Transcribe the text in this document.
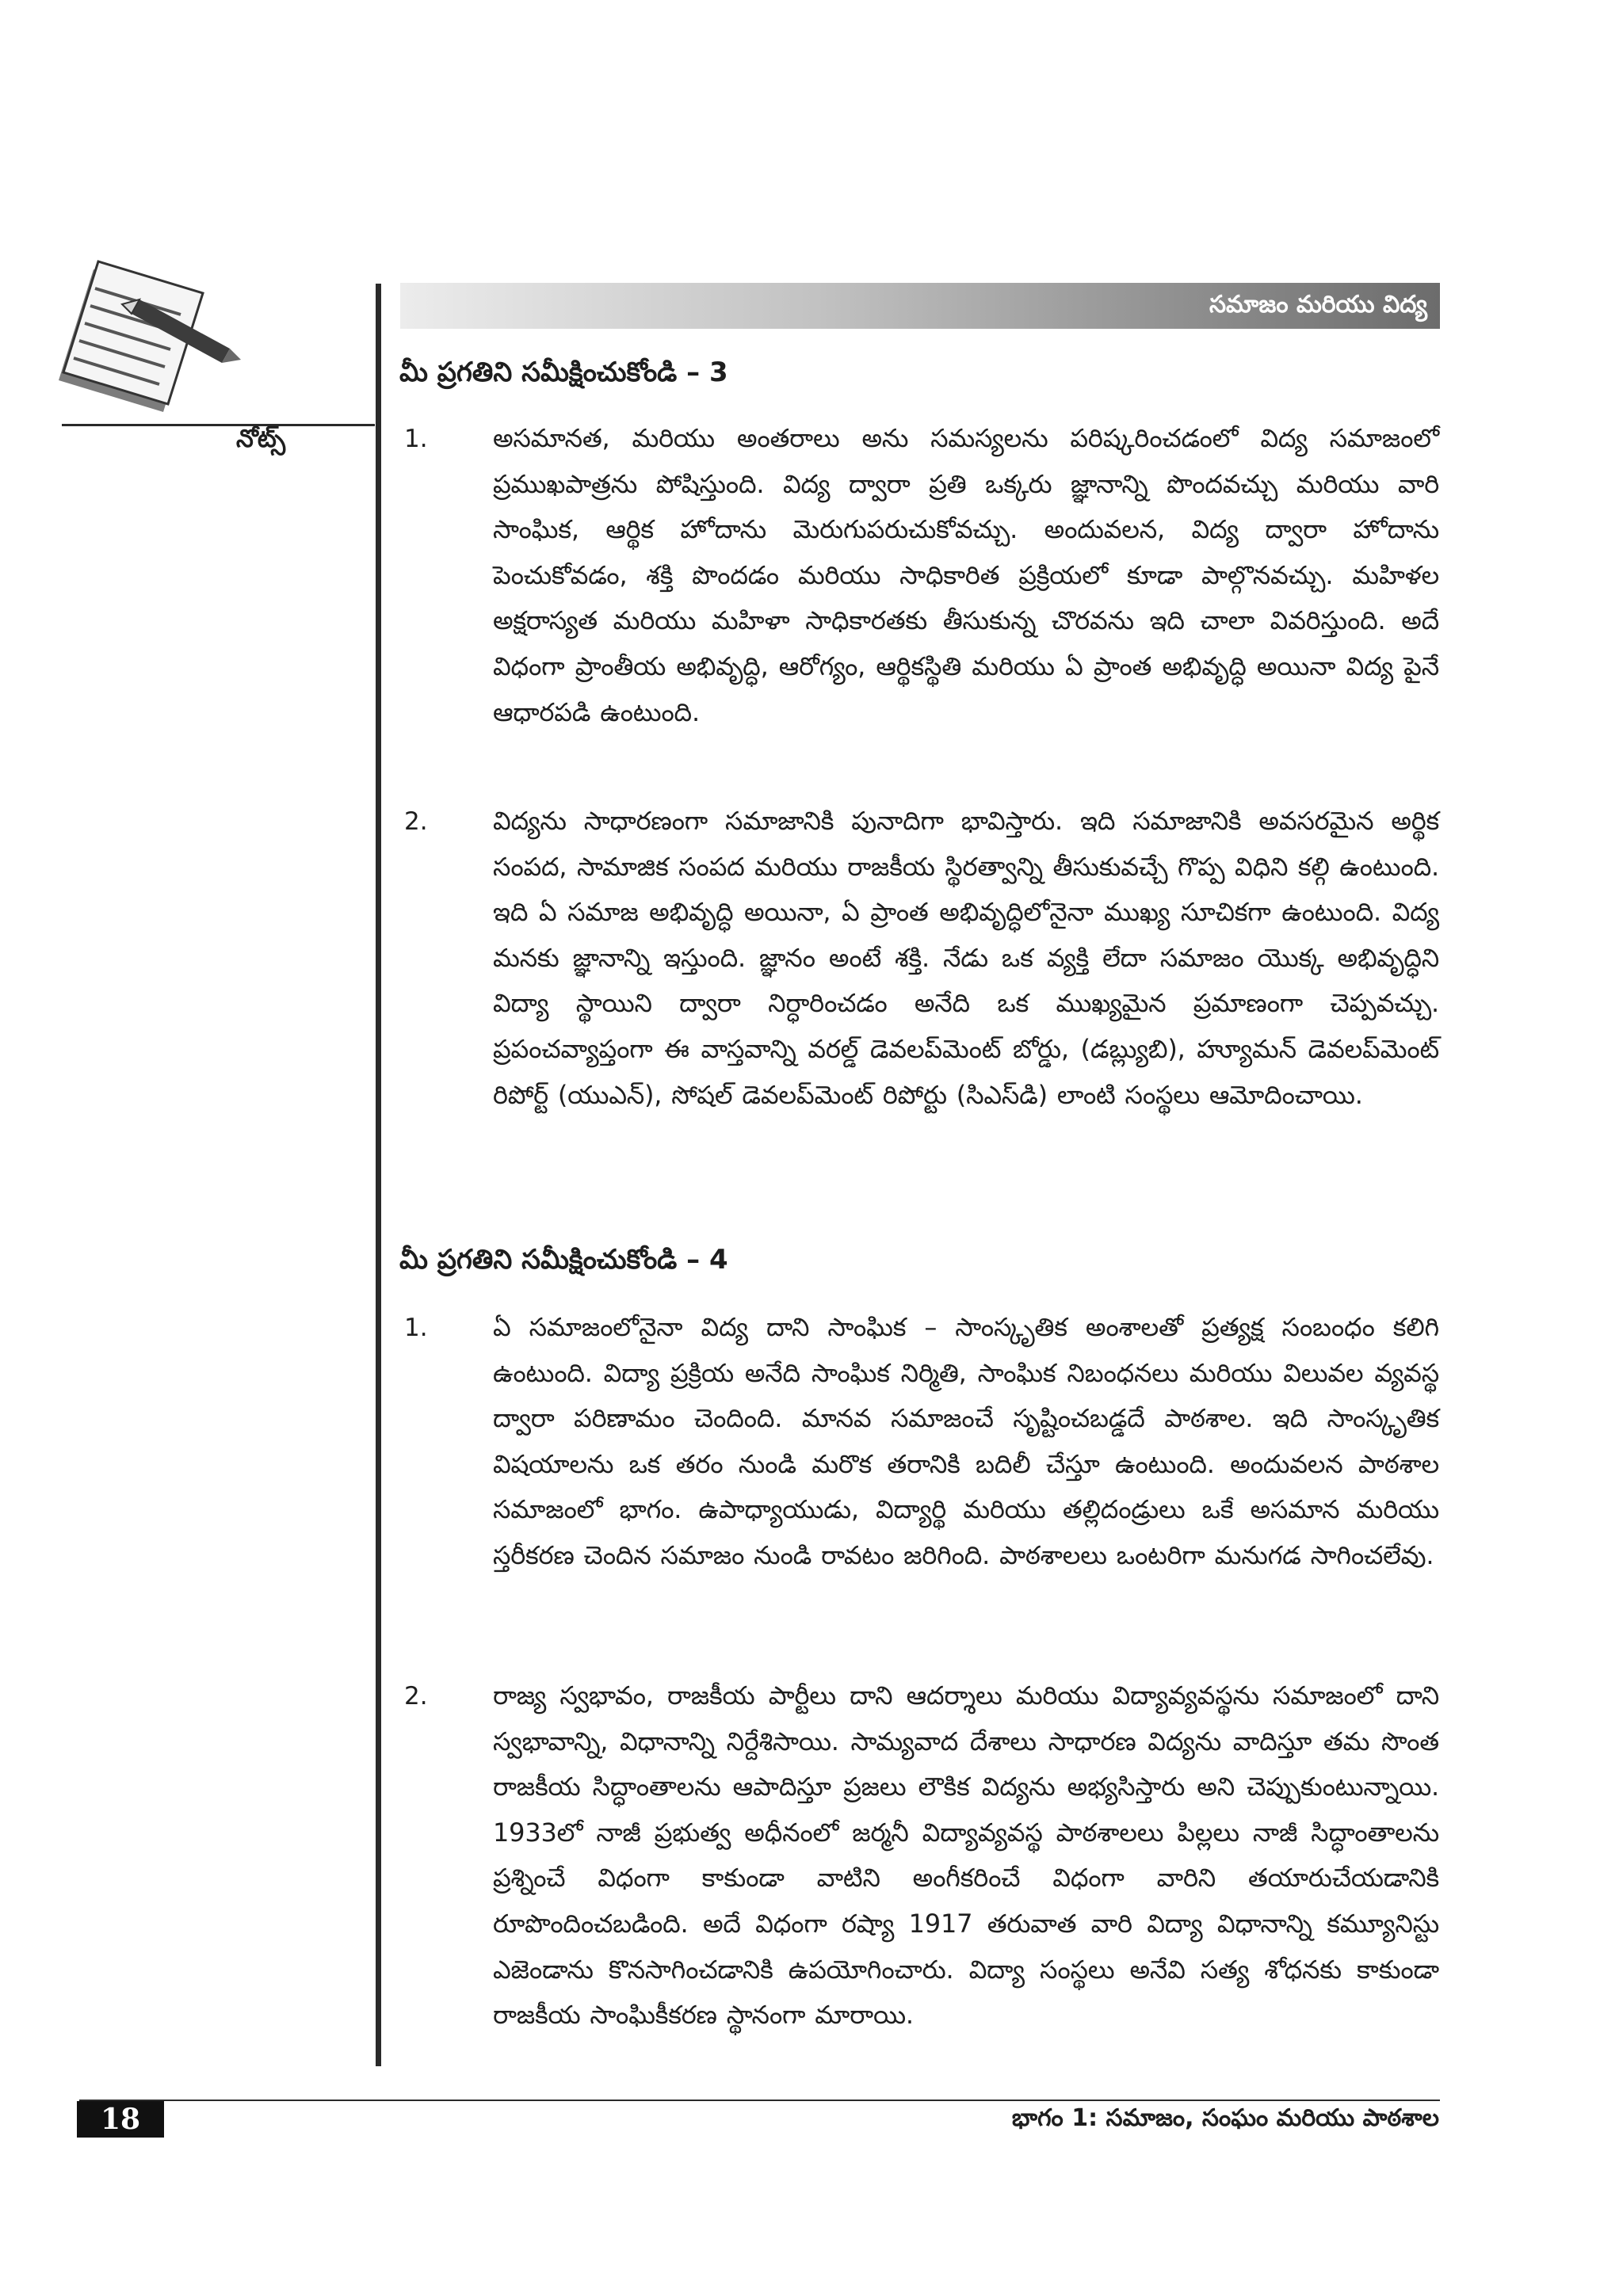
నోట్స్
సమాజం మరియు విద్య
మీ ప్రగతిని సమీక్షించుకోండి – 3
1.	అసమానత, మరియు అంతరాలు అను సమస్యలను పరిష్కరించడంలో విద్య సమాజంలో ప్రముఖపాత్రను పోషిస్తుంది. విద్య ద్వారా ప్రతి ఒక్కరు జ్ఞానాన్ని పొందవచ్చు మరియు వారి సాంఘిక, ఆర్థిక హోదాను మెరుగుపరుచుకోవచ్చు. అందువలన, విద్య ద్వారా హోదాను పెంచుకోవడం, శక్తి పొందడం మరియు సాధికారిత ప్రక్రియలో కూడా పాల్గొనవచ్చు. మహిళల అక్షరాస్యత మరియు మహిళా సాధికారతకు తీసుకున్న చొరవను ఇది చాలా వివరిస్తుంది. అదే విధంగా ప్రాంతీయ అభివృద్ధి, ఆరోగ్యం, ఆర్థికస్థితి మరియు ఏ ప్రాంత అభివృద్ధి అయినా విద్య పైనే ఆధారపడి ఉంటుంది.
2.	విద్యను సాధారణంగా సమాజానికి పునాదిగా భావిస్తారు. ఇది సమాజానికి అవసరమైన అర్థిక సంపద, సామాజిక సంపద మరియు రాజకీయ స్థిరత్వాన్ని తీసుకువచ్చే గొప్ప విధిని కల్గి ఉంటుంది. ఇది ఏ సమాజ అభివృద్ధి అయినా, ఏ ప్రాంత అభివృద్ధిలోనైనా ముఖ్య సూచికగా ఉంటుంది. విద్య మనకు జ్ఞానాన్ని ఇస్తుంది. జ్ఞానం అంటే శక్తి. నేడు ఒక వ్యక్తి లేదా సమాజం యొక్క అభివృద్ధిని విద్యా స్థాయిని ద్వారా నిర్ధారించడం అనేది ఒక ముఖ్యమైన ప్రమాణంగా చెప్పవచ్చు. ప్రపంచవ్యాప్తంగా ఈ వాస్తవాన్ని వరల్డ్ డెవలప్‌మెంట్ బోర్డు, (డబ్ల్యుబి), హ్యూమన్ డెవలప్‌మెంట్ రిపోర్ట్ (యుఎన్), సోషల్ డెవలప్‌మెంట్ రిపోర్టు (సిఎస్‌డి) లాంటి సంస్థలు ఆమోదించాయి.
మీ ప్రగతిని సమీక్షించుకోండి – 4
1.	ఏ సమాజంలోనైనా విద్య దాని సాంఘిక – సాంస్కృతిక అంశాలతో ప్రత్యక్ష సంబంధం కలిగి ఉంటుంది. విద్యా ప్రక్రియ అనేది సాంఘిక నిర్మితి, సాంఘిక నిబంధనలు మరియు విలువల వ్యవస్థ ద్వారా పరిణామం చెందింది. మానవ సమాజంచే సృష్టించబడ్డదే పాఠశాల. ఇది సాంస్కృతిక విషయాలను ఒక తరం నుండి మరొక తరానికి బదిలీ చేస్తూ ఉంటుంది. అందువలన పాఠశాల సమాజంలో భాగం. ఉపాధ్యాయుడు, విద్యార్థి మరియు తల్లిదండ్రులు ఒకే అసమాన మరియు స్తరీకరణ చెందిన సమాజం నుండి రావటం జరిగింది. పాఠశాలలు ఒంటరిగా మనుగడ సాగించలేవు.
2.	రాజ్య స్వభావం, రాజకీయ పార్టీలు దాని ఆదర్శాలు మరియు విద్యావ్యవస్థను సమాజంలో దాని స్వభావాన్ని, విధానాన్ని నిర్దేశిసాయి. సామ్యవాద దేశాలు సాధారణ విద్యను వాదిస్తూ తమ సొంత రాజకీయ సిద్ధాంతాలను ఆపాదిస్తూ ప్రజలు లౌకిక విద్యను అభ్యసిస్తారు అని చెప్పుకుంటున్నాయి. 1933లో నాజీ ప్రభుత్వ అధీనంలో జర్మనీ విద్యావ్యవస్థ పాఠశాలలు పిల్లలు నాజీ సిద్ధాంతాలను ప్రశ్నించే విధంగా కాకుండా వాటిని అంగీకరించే విధంగా వారిని తయారుచేయడానికి రూపొందించబడింది. అదే విధంగా రష్యా 1917 తరువాత వారి విద్యా విధానాన్ని కమ్యూనిస్టు ఎజెండాను కొనసాగించడానికి ఉపయోగించారు. విద్యా సంస్థలు అనేవి సత్య శోధనకు కాకుండా రాజకీయ సాంఘికీకరణ స్థానంగా మారాయి.
18	భాగం 1: సమాజం, సంఘం మరియు పాఠశాల
